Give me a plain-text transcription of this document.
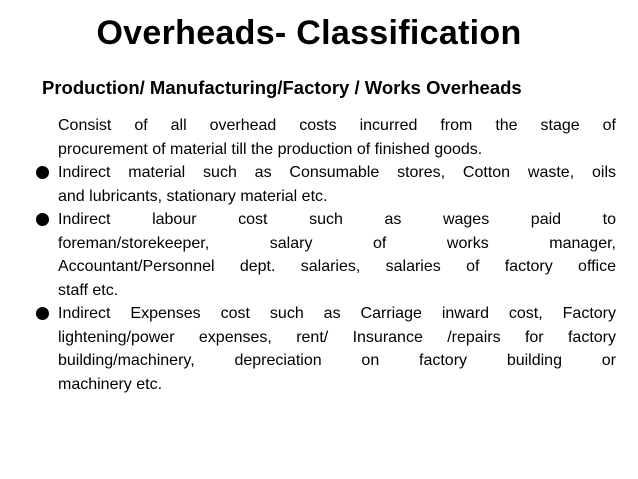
Overheads- Classification
Production/ Manufacturing/Factory / Works Overheads
Consist of all overhead costs incurred from the stage of
procurement of material till the production of finished goods.
Indirect material such as Consumable stores, Cotton waste, oils
and lubricants, stationary material etc.
Indirect labour cost such as wages paid to
foreman/storekeeper, salary of works manager,
Accountant/Personnel dept. salaries, salaries of factory office
staff etc.
Indirect Expenses cost such as Carriage inward cost, Factory
lightening/power expenses, rent/ Insurance /repairs for factory
building/machinery, depreciation on factory building or
machinery etc.
